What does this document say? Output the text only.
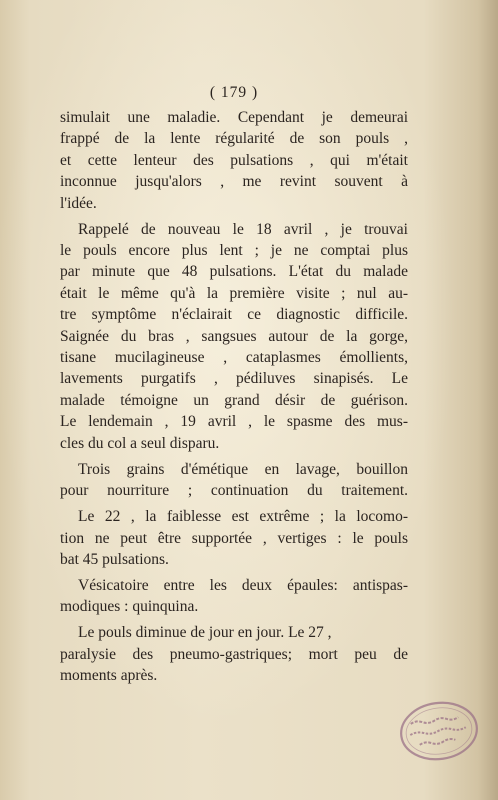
( 179 )

simulait une maladie. Cependant je demeurai
frappé de la lente régularité de son pouls ,
et cette lenteur des pulsations , qui m'était
inconnue jusqu'alors , me revint souvent à
l'idée.

Rappelé de nouveau le 18 avril , je trouvai
le pouls encore plus lent ; je ne comptai plus
par minute que 48 pulsations. L'état du malade
était le même qu'à la première visite ; nul au-
tre symptôme n'éclairait ce diagnostic difficile.
Saignée du bras , sangsues autour de la gorge,
tisane mucilagineuse , cataplasmes émollients,
lavements purgatifs , pédiluves sinapisés. Le
malade témoigne un grand désir de guérison.
Le lendemain , 19 avril , le spasme des mus-
cles du col a seul disparu.

Trois grains d'émétique en lavage, bouillon
pour nourriture ; continuation du traitement.

Le 22 , la faiblesse est extrême ; la locomo-
tion ne peut être supportée , vertiges : le pouls
bat 45 pulsations.

Vésicatoire entre les deux épaules: antispas-
modiques : quinquina.

Le pouls diminue de jour en jour. Le 27 ,
paralysie des pneumo-gastriques; mort peu de
moments après.
